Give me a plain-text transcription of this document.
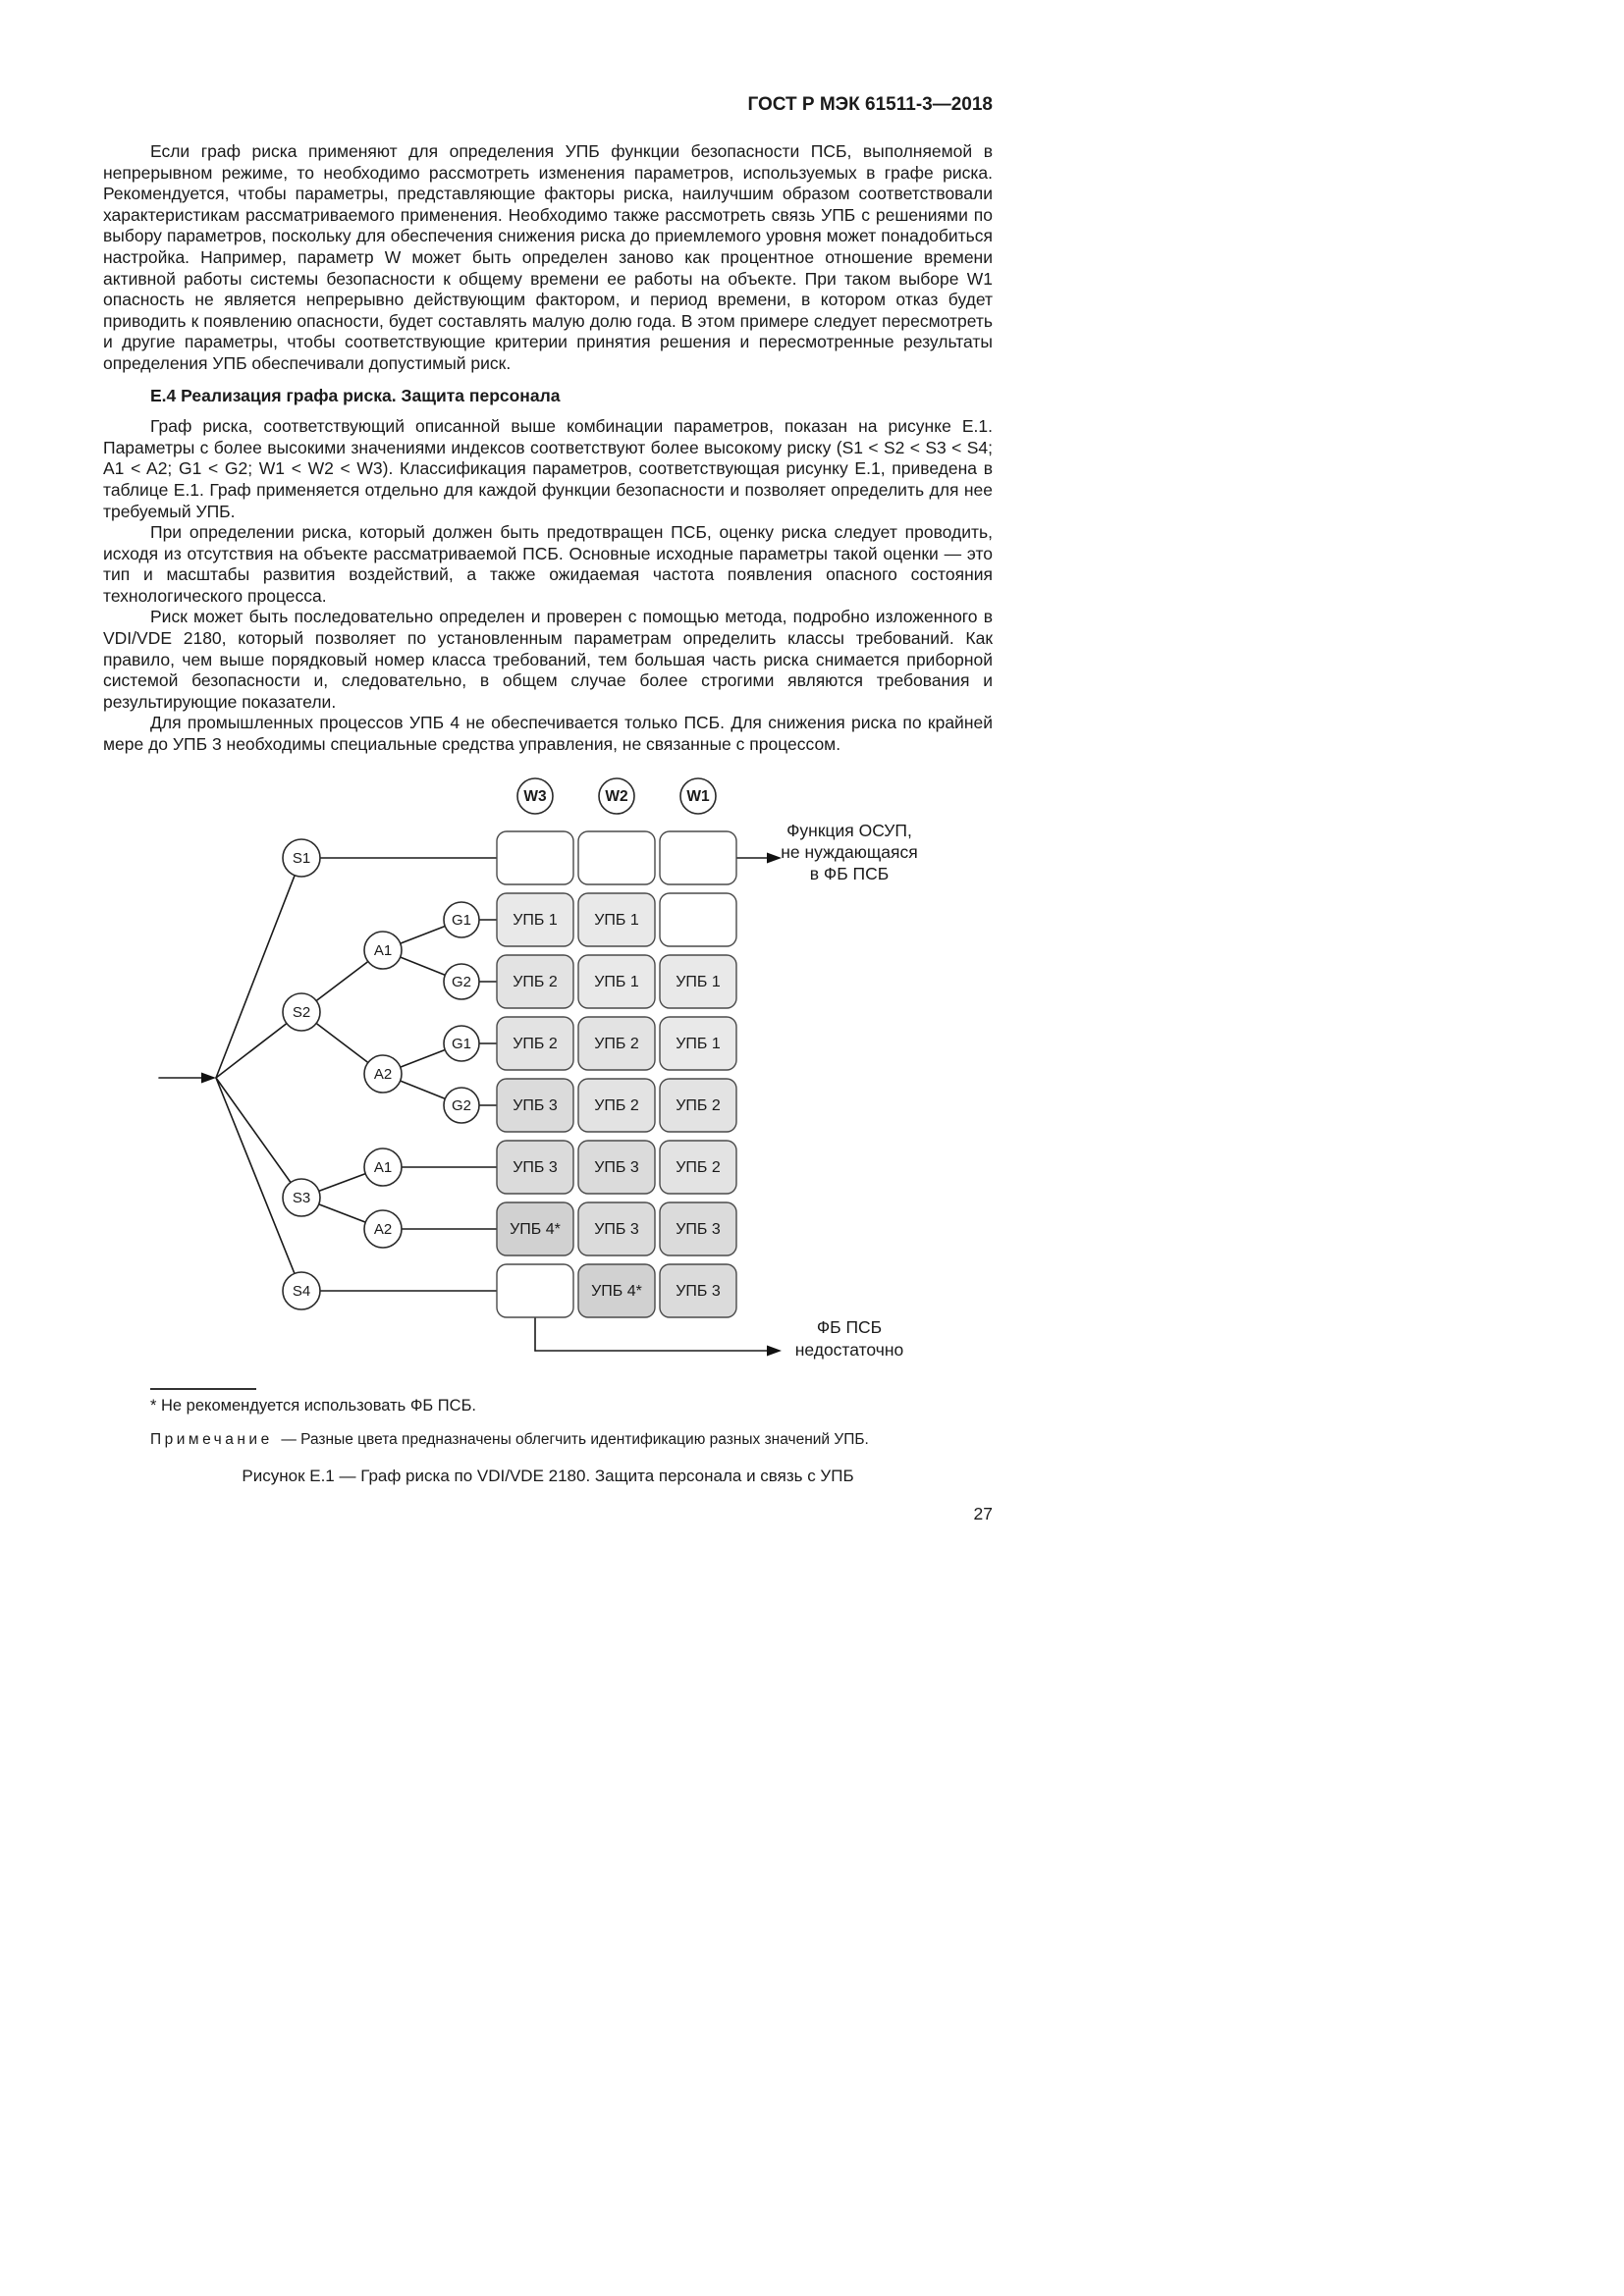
ГОСТ Р МЭК 61511-3—2018

Если граф риска применяют для определения УПБ функции безопасности ПСБ, выполняемой в непрерывном режиме, то необходимо рассмотреть изменения параметров, используемых в графе риска. Рекомендуется, чтобы параметры, представляющие факторы риска, наилучшим образом соответствовали характеристикам рассматриваемого применения. Необходимо также рассмотреть связь УПБ с решениями по выбору параметров, поскольку для обеспечения снижения риска до приемлемого уровня может понадобиться настройка. Например, параметр W может быть определен заново как процентное отношение времени активной работы системы безопасности к общему времени ее работы на объекте. При таком выборе W1 опасность не является непрерывно действующим фактором, и период времени, в котором отказ будет приводить к появлению опасности, будет составлять малую долю года. В этом примере следует пересмотреть и другие параметры, чтобы соответствующие критерии принятия решения и пересмотренные результаты определения УПБ обеспечивали допустимый риск.

Е.4 Реализация графа риска. Защита персонала

Граф риска, соответствующий описанной выше комбинации параметров, показан на рисунке Е.1. Параметры с более высокими значениями индексов соответствуют более высокому риску (S1 < S2 < S3 < S4; A1 < A2; G1 < G2; W1 < W2 < W3). Классификация параметров, соответствующая рисунку Е.1, приведена в таблице Е.1. Граф применяется отдельно для каждой функции безопасности и позволяет определить для нее требуемый УПБ.

При определении риска, который должен быть предотвращен ПСБ, оценку риска следует проводить, исходя из отсутствия на объекте рассматриваемой ПСБ. Основные исходные параметры такой оценки — это тип и масштабы развития воздействий, а также ожидаемая частота появления опасного состояния технологического процесса.

Риск может быть последовательно определен и проверен с помощью метода, подробно изложенного в VDI/VDE 2180, который позволяет по установленным параметрам определить классы требований. Как правило, чем выше порядковый номер класса требований, тем большая часть риска снимается приборной системой безопасности и, следовательно, в общем случае более строгими являются требования и результирующие показатели.

Для промышленных процессов УПБ 4 не обеспечивается только ПСБ. Для снижения риска по крайней мере до УПБ 3 необходимы специальные средства управления, не связанные с процессом.

УПБ 1 УПБ 1
УПБ 2 УПБ 1 УПБ 1
УПБ 2 УПБ 2 УПБ 1
УПБ 3 УПБ 2 УПБ 2
УПБ 3 УПБ 3 УПБ 2
УПБ 4* УПБ 3 УПБ 3
УПБ 4* УПБ 3
W3	W2	W1
S1
S2
S3
S4
A1
A2
A1
A2
G1
G2
G1
G2
Функция ОСУП,
не нуждающаяся
в ФБ ПСБ
ФБ ПСБ
недостаточно

* Не рекомендуется использовать ФБ ПСБ.

Примечание — Разные цвета предназначены облегчить идентификацию разных значений УПБ.

Рисунок Е.1 — Граф риска по VDI/VDE 2180. Защита персонала и связь с УПБ

27
